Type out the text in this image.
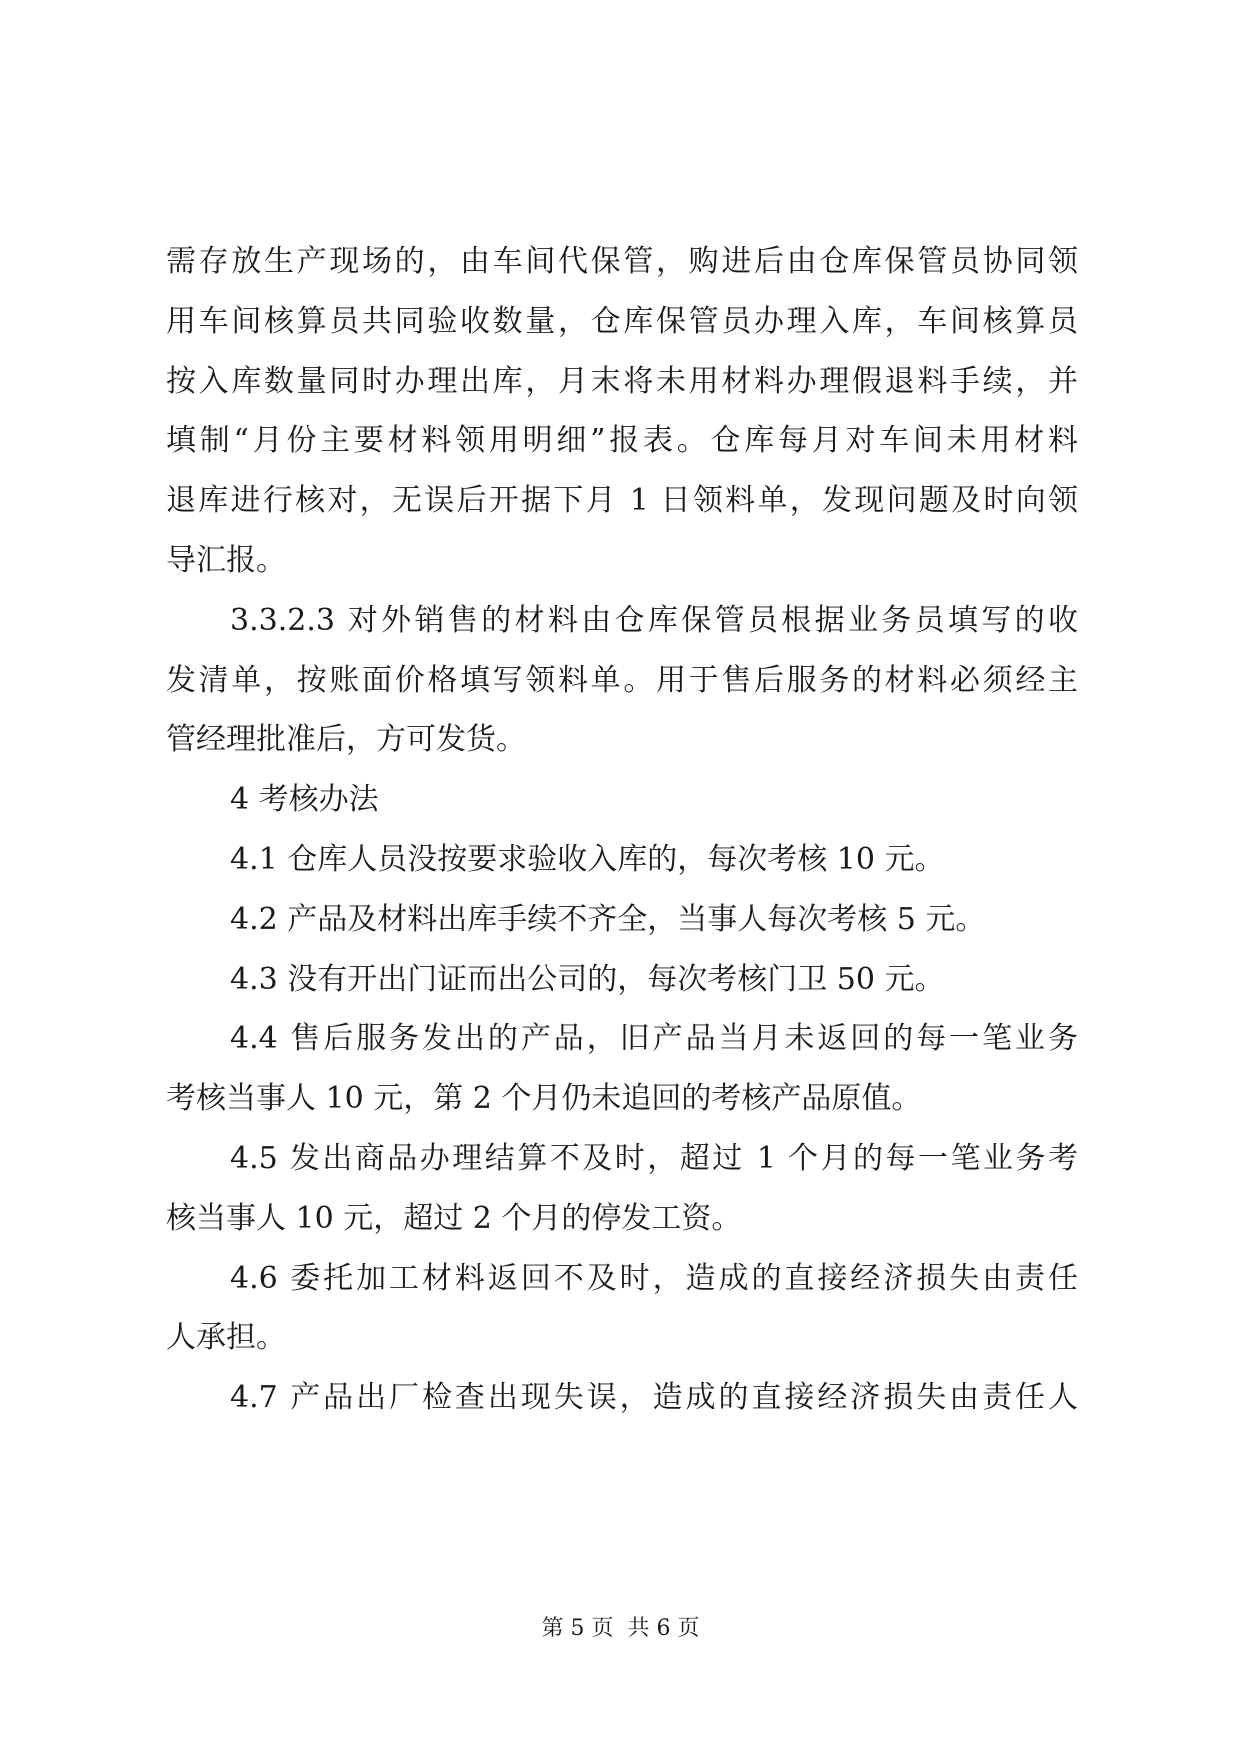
需存放生产现场的，由车间代保管，购进后由仓库保管员协同领
用车间核算员共同验收数量，仓库保管员办理入库，车间核算员
按入库数量同时办理出库，月末将未用材料办理假退料手续，并
填制“月份主要材料领用明细”报表。仓库每月对车间未用材料
退库进行核对，无误后开据下月 1 日领料单，发现问题及时向领
导汇报。
3.3.2.3 对外销售的材料由仓库保管员根据业务员填写的收
发清单，按账面价格填写领料单。用于售后服务的材料必须经主
管经理批准后，方可发货。
4 考核办法
4.1 仓库人员没按要求验收入库的，每次考核 10 元。
4.2 产品及材料出库手续不齐全，当事人每次考核 5 元。
4.3 没有开出门证而出公司的，每次考核门卫 50 元。
4.4 售后服务发出的产品，旧产品当月未返回的每一笔业务
考核当事人 10 元，第 2 个月仍未追回的考核产品原值。
4.5 发出商品办理结算不及时，超过 1 个月的每一笔业务考
核当事人 10 元，超过 2 个月的停发工资。
4.6 委托加工材料返回不及时，造成的直接经济损失由责任
人承担。
4.7 产品出厂检查出现失误，造成的直接经济损失由责任人
第 5 页  共 6 页
